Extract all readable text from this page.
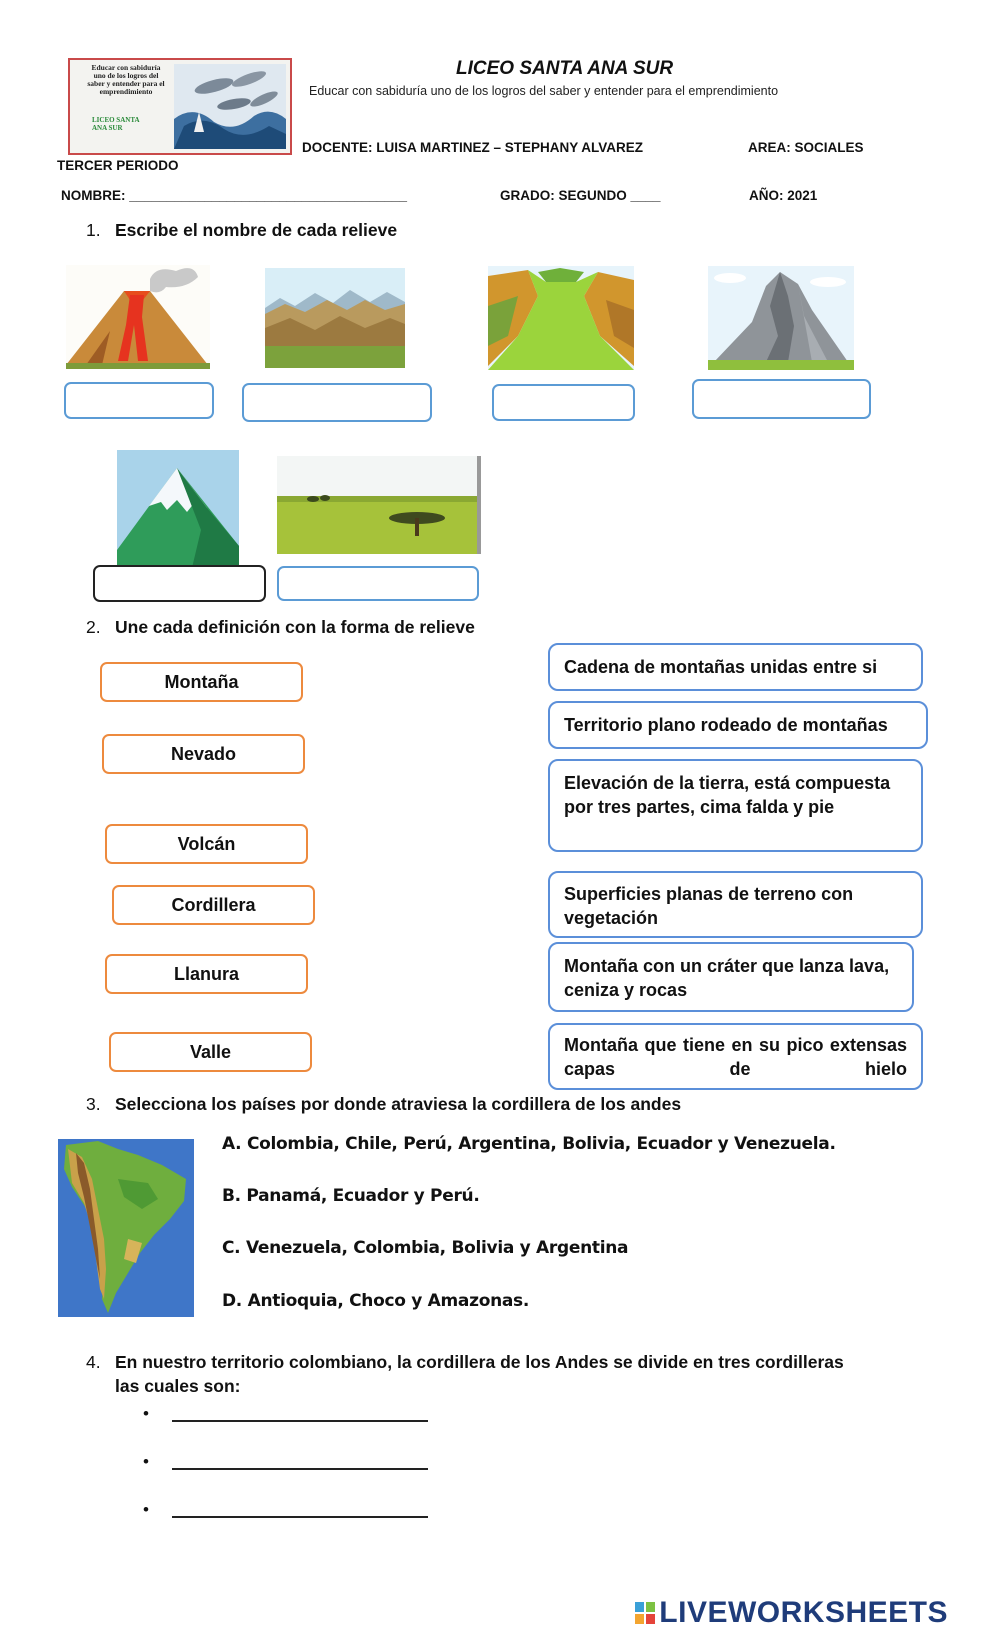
Educar con sabiduría uno de los logros del saber y entender para el emprendimiento
LICEO SANTA ANA SUR
LICEO SANTA ANA SUR
Educar con sabiduría uno de los logros del saber y entender para el emprendimiento
DOCENTE: LUISA MARTINEZ – STEPHANY ALVAREZ	AREA: SOCIALES
TERCER PERIODO
NOMBRE: _____________________________________	GRADO: SEGUNDO ____	AÑO: 2021
1. Escribe el nombre de cada relieve
2. Une cada definición con la forma de relieve
Montaña
Nevado
Volcán
Cordillera
Llanura
Valle
Cadena de montañas unidas entre si
Territorio plano rodeado de montañas
Elevación de la tierra, está compuesta por tres partes, cima falda y pie
Superficies planas de terreno con vegetación
Montaña con un cráter que lanza lava, ceniza y rocas
Montaña que tiene en su pico extensas capas de hielo
3. Selecciona los países por donde atraviesa la cordillera de los andes
A. Colombia, Chile, Perú, Argentina, Bolivia, Ecuador y Venezuela.
B. Panamá, Ecuador y Perú.
C. Venezuela, Colombia, Bolivia y Argentina
D. Antioquia, Choco y Amazonas.
4. En nuestro territorio colombiano, la cordillera de los Andes se divide en tres cordilleras
las cuales son:
•
•
•
LIVEWORKSHEETS
